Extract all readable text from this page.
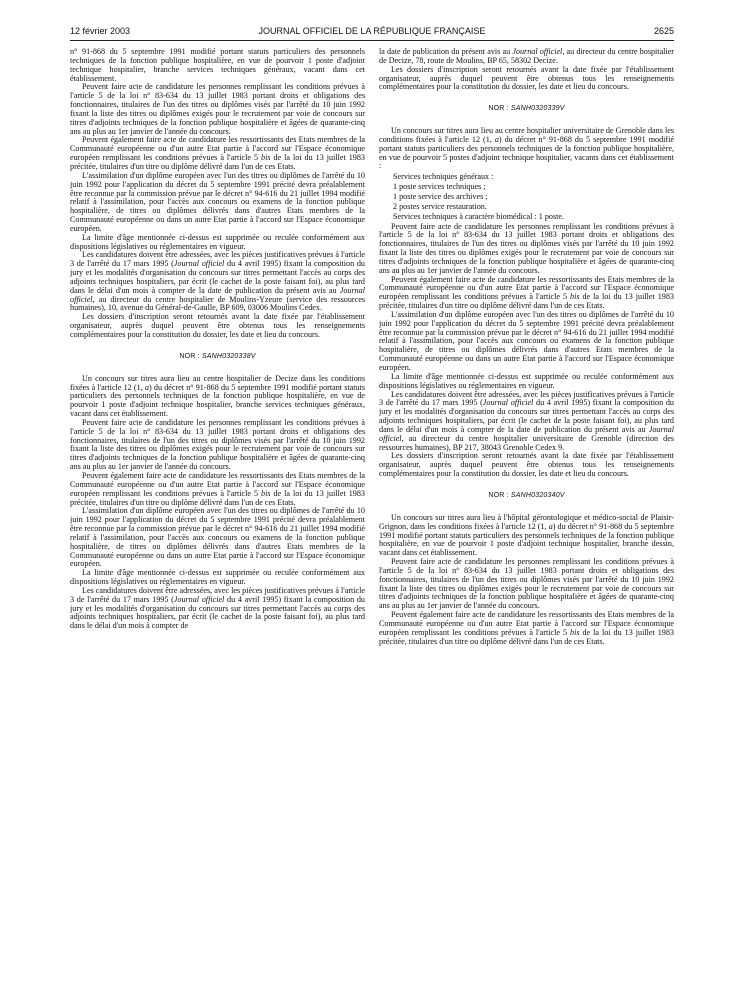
12 février 2003	JOURNAL OFFICIEL DE LA RÉPUBLIQUE FRANÇAISE	2625

n° 91-868 du 5 septembre 1991 modifié portant statuts particuliers des personnels techniques de la fonction publique hospitalière, en vue de pourvoir 1 poste d'adjoint technique hospitalier, branche services techniques généraux, vacant dans cet établissement.

Peuvent faire acte de candidature les personnes remplissant les conditions prévues à l'article 5 de la loi n° 83-634 du 13 juillet 1983 portant droits et obligations des fonctionnaires, titulaires de l'un des titres ou diplômes visés par l'arrêté du 10 juin 1992 fixant la liste des titres ou diplômes exigés pour le recrutement par voie de concours sur titres d'adjoints techniques de la fonction publique hospitalière et âgées de quarante-cinq ans au plus au 1er janvier de l'année du concours.

Peuvent également faire acte de candidature les ressortissants des Etats membres de la Communauté européenne ou d'un autre Etat partie à l'accord sur l'Espace économique européen remplissant les conditions prévues à l'article 5 bis de la loi du 13 juillet 1983 précitée, titulaires d'un titre ou diplôme délivré dans l'un de ces Etats.

L'assimilation d'un diplôme européen avec l'un des titres ou diplômes de l'arrêté du 10 juin 1992 pour l'application du décret du 5 septembre 1991 précité devra préalablement être reconnue par la commission prévue par le décret n° 94-616 du 21 juillet 1994 modifié relatif à l'assimilation, pour l'accès aux concours ou examens de la fonction publique hospitalière, de titres ou diplômes délivrés dans d'autres Etats membres de la Communauté européenne ou dans un autre Etat partie à l'accord sur l'Espace économique européen.

La limite d'âge mentionnée ci-dessus est supprimée ou reculée conformément aux dispositions législatives ou réglementaires en vigueur.

Les candidatures doivent être adressées, avec les pièces justificatives prévues à l'article 3 de l'arrêté du 17 mars 1995 (Journal officiel du 4 avril 1995) fixant la composition du jury et les modalités d'organisation du concours sur titres permettant l'accès au corps des adjoints techniques hospitaliers, par écrit (le cachet de la poste faisant foi), au plus tard dans le délai d'un mois à compter de la date de publication du présent avis au Journal officiel, au directeur du centre hospitalier de Moulins-Yzeure (service des ressources humaines), 10, avenue du Général-de-Gaulle, BP 609, 03006 Moulins Cedex.

Les dossiers d'inscription seront retournés avant la date fixée par l'établissement organisateur, auprès duquel peuvent être obtenus tous les renseignements complémentaires pour la constitution du dossier, les date et lieu du concours.

NOR : SANH0320338V

Un concours sur titres aura lieu au centre hospitalier de Decize dans les conditions fixées à l'article 12 (1, a) du décret n° 91-868 du 5 septembre 1991 modifié portant statuts particuliers des personnels techniques de la fonction publique hospitalière, en vue de pourvoir 1 poste d'adjoint technique hospitalier, branche services techniques généraux, vacant dans cet établissement.

Peuvent faire acte de candidature les personnes remplissant les conditions prévues à l'article 5 de la loi n° 83-634 du 13 juillet 1983 portant droits et obligations des fonctionnaires, titulaires de l'un des titres ou diplômes visés par l'arrêté du 10 juin 1992 fixant la liste des titres ou diplômes exigés pour le recrutement par voie de concours sur titres d'adjoints techniques de la fonction publique hospitalière et âgées de quarante-cinq ans au plus au 1er janvier de l'année du concours.

Peuvent également faire acte de candidature les ressortissants des Etats membres de la Communauté européenne ou d'un autre Etat partie à l'accord sur l'Espace économique européen remplissant les conditions prévues à l'article 5 bis de la loi du 13 juillet 1983 précitée, titulaires d'un titre ou diplôme délivré dans l'un de ces Etats.

L'assimilation d'un diplôme européen avec l'un des titres ou diplômes de l'arrêté du 10 juin 1992 pour l'application du décret du 5 septembre 1991 précité devra préalablement être reconnue par la commission prévue par le décret n° 94-616 du 21 juillet 1994 modifié relatif à l'assimilation, pour l'accès aux concours ou examens de la fonction publique hospitalière, de titres ou diplômes délivrés dans d'autres Etats membres de la Communauté européenne ou dans un autre Etat partie à l'accord sur l'Espace économique européen.

La limite d'âge mentionnée ci-dessus est supprimée ou reculée conformément aux dispositions législatives ou réglementaires en vigueur.

Les candidatures doivent être adressées, avec les pièces justificatives prévues à l'article 3 de l'arrêté du 17 mars 1995 (Journal officiel du 4 avril 1995) fixant la composition du jury et les modalités d'organisation du concours sur titres permettant l'accès au corps des adjoints techniques hospitaliers, par écrit (le cachet de la poste faisant foi), au plus tard dans le délai d'un mois à compter de

la date de publication du présent avis au Journal officiel, au directeur du centre hospitalier de Decize, 78, route de Moulins, BP 65, 58302 Decize.

Les dossiers d'inscription seront retournés avant la date fixée par l'établissement organisateur, auprès duquel peuvent être obtenus tous les renseignements complémentaires pour la constitution du dossier, les date et lieu du concours.

NOR : SANH0320339V

Un concours sur titres aura lieu au centre hospitalier universitaire de Grenoble dans les conditions fixées à l'article 12 (1, a) du décret n° 91-868 du 5 septembre 1991 modifié portant statuts particuliers des personnels techniques de la fonction publique hospitalière, en vue de pourvoir 5 postes d'adjoint technique hospitalier, vacants dans cet établissement :

Services techniques généraux :

1 poste services techniques ;

1 poste service des archives ;

2 postes service restauration.

Services techniques à caractère biomédical : 1 poste.

Peuvent faire acte de candidature les personnes remplissant les conditions prévues à l'article 5 de la loi n° 83-634 du 13 juillet 1983 portant droits et obligations des fonctionnaires, titulaires de l'un des titres ou diplômes visés par l'arrêté du 10 juin 1992 fixant la liste des titres ou diplômes exigés pour le recrutement par voie de concours sur titres d'adjoints techniques de la fonction publique hospitalière et âgées de quarante-cinq ans au plus au 1er janvier de l'année du concours.

Peuvent également faire acte de candidature les ressortissants des Etats membres de la Communauté européenne ou d'un autre Etat partie à l'accord sur l'Espace économique européen remplissant les conditions prévues à l'article 5 bis de la loi du 13 juillet 1983 précitée, titulaires d'un titre ou diplôme délivré dans l'un de ces Etats.

L'assimilation d'un diplôme européen avec l'un des titres ou diplômes de l'arrêté du 10 juin 1992 pour l'application du décret du 5 septembre 1991 précité devra préalablement être reconnue par la commission prévue par le décret n° 94-616 du 21 juillet 1994 modifié relatif à l'assimilation, pour l'accès aux concours ou examens de la fonction publique hospitalière, de titres ou diplômes délivrés dans d'autres Etats membres de la Communauté européenne ou dans un autre Etat partie à l'accord sur l'Espace économique européen.

La limite d'âge mentionnée ci-dessus est supprimée ou reculée conformément aux dispositions législatives ou réglementaires en vigueur.

Les candidatures doivent être adressées, avec les pièces justificatives prévues à l'article 3 de l'arrêté du 17 mars 1995 (Journal officiel du 4 avril 1995) fixant la composition du jury et les modalités d'organisation du concours sur titres permettant l'accès au corps des adjoints techniques hospitaliers, par écrit (le cachet de la poste faisant foi), au plus tard dans le délai d'un mois à compter de la date de publication du présent avis au Journal officiel, au directeur du centre hospitalier universitaire de Grenoble (direction des ressources humaines), BP 217, 38043 Grenoble Cedex 9.

Les dossiers d'inscription seront retournés avant la date fixée par l'établissement organisateur, auprès duquel peuvent être obtenus tous les renseignements complémentaires pour la constitution du dossier, les date et lieu du concours.

NOR : SANH0320340V

Un concours sur titres aura lieu à l'hôpital gérontologique et médico-social de Plaisir-Grignon, dans les conditions fixées à l'article 12 (1, a) du décret n° 91-868 du 5 septembre 1991 modifié portant statuts particuliers des personnels techniques de la fonction publique hospitalière, en vue de pourvoir 1 poste d'adjoint technique hospitalier, branche dessin, vacant dans cet établissement.

Peuvent faire acte de candidature les personnes remplissant les conditions prévues à l'article 5 de la loi n° 83-634 du 13 juillet 1983 portant droits et obligations des fonctionnaires, titulaires de l'un des titres ou diplômes visés par l'arrêté du 10 juin 1992 fixant la liste des titres ou diplômes exigés pour le recrutement par voie de concours sur titres d'adjoints techniques de la fonction publique hospitalière et âgées de quarante-cinq ans au plus au 1er janvier de l'année du concours.

Peuvent également faire acte de candidature les ressortissants des Etats membres de la Communauté européenne ou d'un autre Etat partie à l'accord sur l'Espace économique européen remplissant les conditions prévues à l'article 5 bis de la loi du 13 juillet 1983 précitée, titulaires d'un titre ou diplôme délivré dans l'un de ces Etats.
